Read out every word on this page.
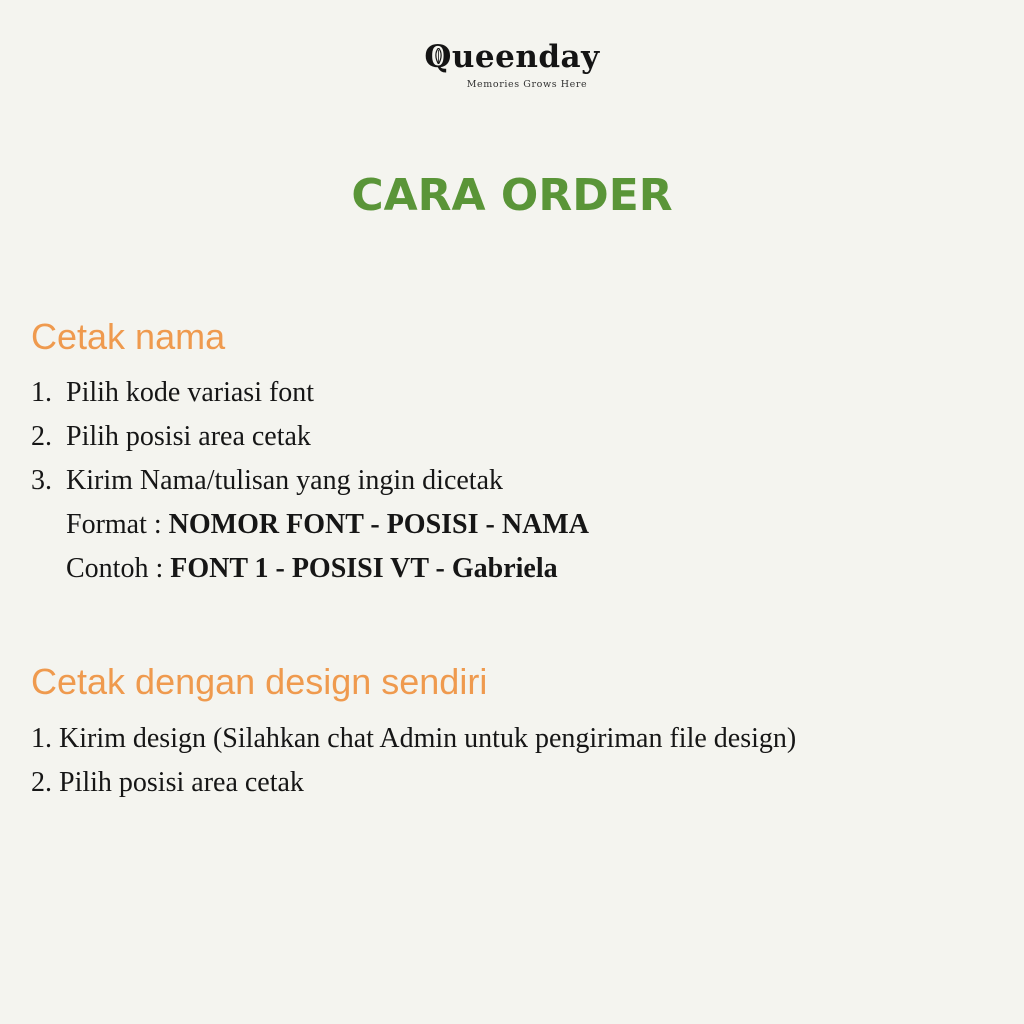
Q
ueenday
Memories Grows Here
CARA ORDER
Cetak nama
1. Pilih kode variasi font
2. Pilih posisi area cetak
3. Kirim Nama/tulisan yang ingin dicetak
Format : NOMOR FONT - POSISI - NAMA
Contoh : FONT 1 - POSISI VT - Gabriela
Cetak dengan design sendiri
1. Kirim design (Silahkan chat Admin untuk pengiriman file design)
2. Pilih posisi area cetak
